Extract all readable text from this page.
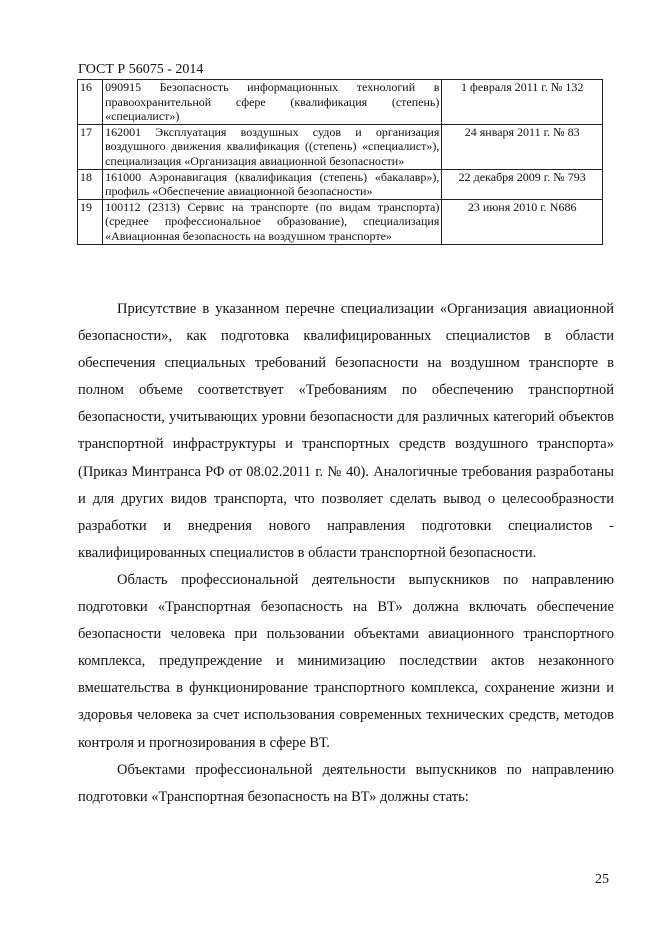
ГОСТ Р 56075 - 2014
16	090915 Безопасность информационных технологий в правоохранительной сфере (квалификация (степень) «специалист»)	1 февраля 2011 г. № 132
17	162001 Эксплуатация воздушных судов и организация воздушного движения квалификация ((степень) «специалист»), специализация «Организация авиационной безопасности»	24 января 2011 г. № 83
18	161000 Аэронавигация (квалификация (степень) «бакалавр»), профиль «Обеспечение авиационной безопасности»	22 декабря 2009 г. № 793
19	100112 (2313) Сервис на транспорте (по видам транспорта) (среднее профессиональное образование), специализация «Авиационная безопасность на воздушном транспорте»	23 июня 2010 г. N686

Присутствие в указанном перечне специализации «Организация авиационной безопасности», как подготовка квалифицированных специалистов в области обеспечения специальных требований безопасности на воздушном транспорте в полном объеме соответствует «Требованиям по обеспечению транспортной безопасности, учитывающих уровни безопасности для различных категорий объектов транспортной инфраструктуры и транспортных средств воздушного транспорта» (Приказ Минтранса РФ от 08.02.2011 г. № 40). Аналогичные требования разработаны и для других видов транспорта, что позволяет сделать вывод о целесообразности разработки и внедрения нового направления подготовки специалистов - квалифицированных специалистов в области транспортной безопасности.

Область профессиональной деятельности выпускников по направлению подготовки «Транспортная безопасность на ВТ» должна включать обеспечение безопасности человека при пользовании объектами авиационного транспортного комплекса, предупреждение и минимизацию последствии актов незаконного вмешательства в функционирование транспортного комплекса, сохранение жизни и здоровья человека за счет использования современных технических средств, методов контроля и прогнозирования в сфере ВТ.

Объектами профессиональной деятельности выпускников по направлению подготовки «Транспортная безопасность на ВТ» должны стать:

25
